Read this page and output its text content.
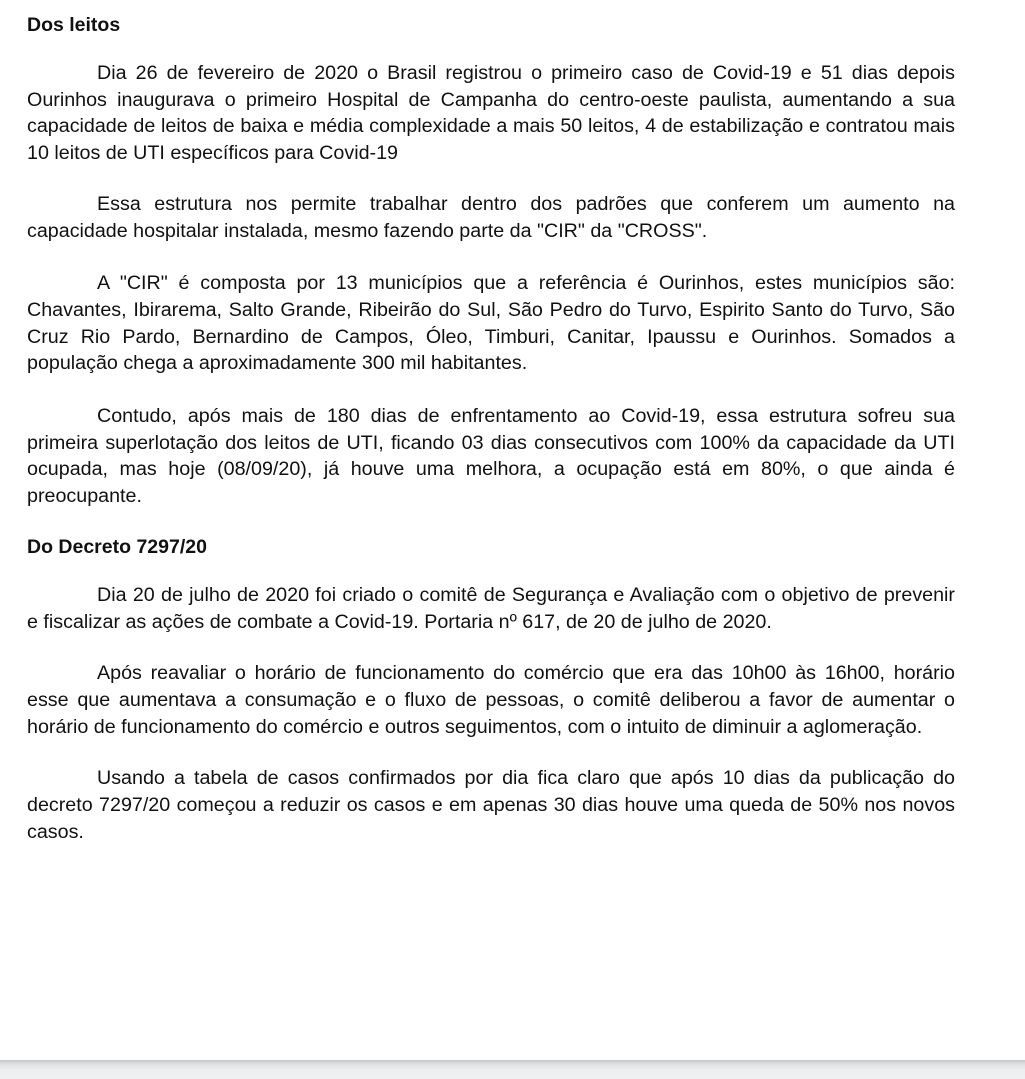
Dos leitos

Dia 26 de fevereiro de 2020 o Brasil registrou o primeiro caso de Covid-19 e 51 dias depois Ourinhos inaugurava o primeiro Hospital de Campanha do centro-oeste paulista, aumentando a sua capacidade de leitos de baixa e média complexidade a mais 50 leitos, 4 de estabilização e contratou mais 10 leitos de UTI específicos para Covid-19

Essa estrutura nos permite trabalhar dentro dos padrões que conferem um aumento na capacidade hospitalar instalada, mesmo fazendo parte da "CIR" da "CROSS".

A "CIR" é composta por 13 municípios que a referência é Ourinhos, estes municípios são: Chavantes, Ibirarema, Salto Grande, Ribeirão do Sul, São Pedro do Turvo, Espirito Santo do Turvo, São Cruz Rio Pardo, Bernardino de Campos, Óleo, Timburi, Canitar, Ipaussu e Ourinhos. Somados a população chega a aproximadamente 300 mil habitantes.

Contudo, após mais de 180 dias de enfrentamento ao Covid-19, essa estrutura sofreu sua primeira superlotação dos leitos de UTI, ficando 03 dias consecutivos com 100% da capacidade da UTI ocupada, mas hoje (08/09/20), já houve uma melhora, a ocupação está em 80%, o que ainda é preocupante.

Do Decreto 7297/20

Dia 20 de julho de 2020 foi criado o comitê de Segurança e Avaliação com o objetivo de prevenir e fiscalizar as ações de combate a Covid-19. Portaria nº 617, de 20 de julho de 2020.

Após reavaliar o horário de funcionamento do comércio que era das 10h00 às 16h00, horário esse que aumentava a consumação e o fluxo de pessoas, o comitê deliberou a favor de aumentar o horário de funcionamento do comércio e outros seguimentos, com o intuito de diminuir a aglomeração.

Usando a tabela de casos confirmados por dia fica claro que após 10 dias da publicação do decreto 7297/20 começou a reduzir os casos e em apenas 30 dias houve uma queda de 50% nos novos casos.
